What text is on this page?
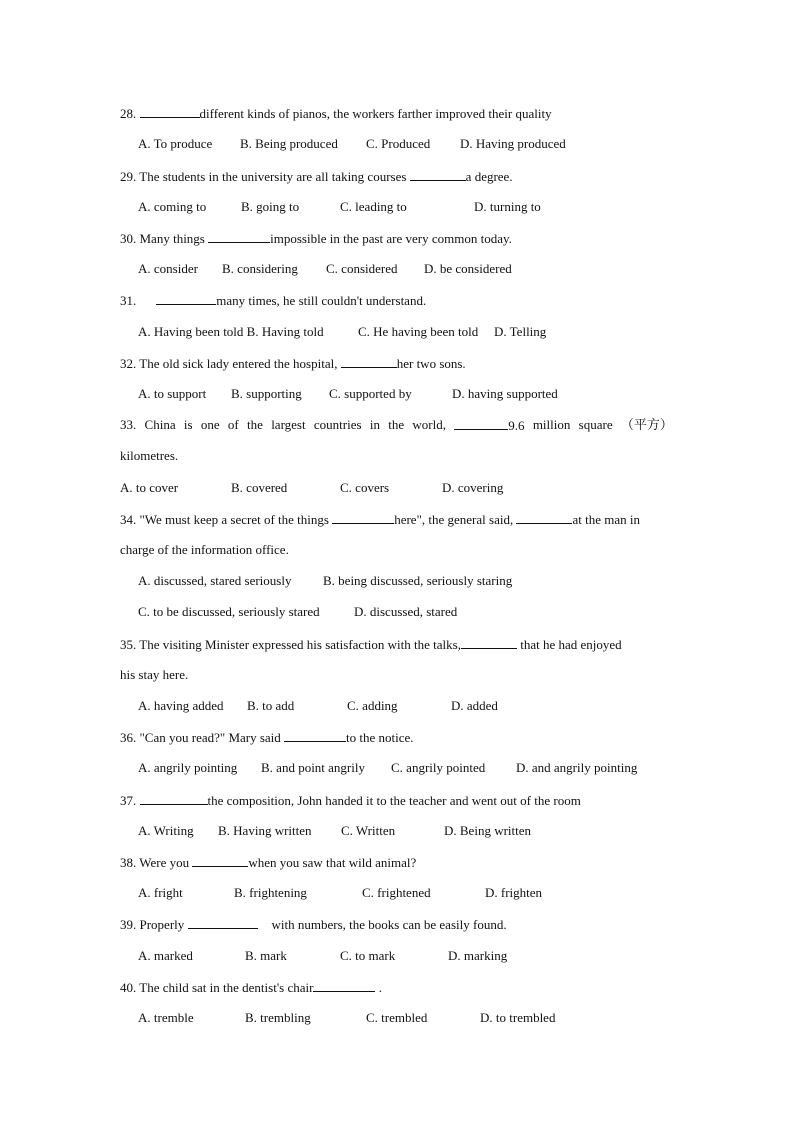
28.	different kinds of pianos, the workers farther improved their quality
A. To produce B. Being produced C. Produced D. Having produced
29. The students in the university are all taking courses	a degree.
A. coming to	B. going to	C. leading to	D. turning to
30. Many things	impossible in the past are very common today.
A. consider B. considering C. considered D. be considered
31.	many times, he still couldn't understand.
A. Having been told B. Having told	C. He having been told D. Telling
32. The old sick lady entered the hospital,	her two sons.
A. to support B. supporting C. supported by	D. having supported
33. China is one of the largest countries in the world,	9.6 million square （平方）
kilometres.
A. to cover	B. covered	C. covers	D. covering
34. "We must keep a secret of the things	here", the general said,	at the man in
charge of the information office.
A. discussed, stared seriously B. being discussed, seriously staring
C. to be discussed, seriously stared	D. discussed, stared
35. The visiting Minister expressed his satisfaction with the talks,	that he had enjoyed
his stay here.
A. having added B. to add	C. adding	D. added
36. "Can you read?" Mary said	to the notice.
A. angrily pointing B. and point angrily C. angrily pointed D. and angrily pointing
37.	the composition, John handed it to the teacher and went out of the room
A. Writing B. Having written C. Written	D. Being written
38. Were you	when you saw that wild animal?
A. fright	B. frightening	C. frightened	D. frighten
39. Properly	with numbers, the books can be easily found.
A. marked	B. mark	C. to mark	D. marking
40. The child sat in the dentist's chair	.
A. tremble	B. trembling	C. trembled	D. to trembled
